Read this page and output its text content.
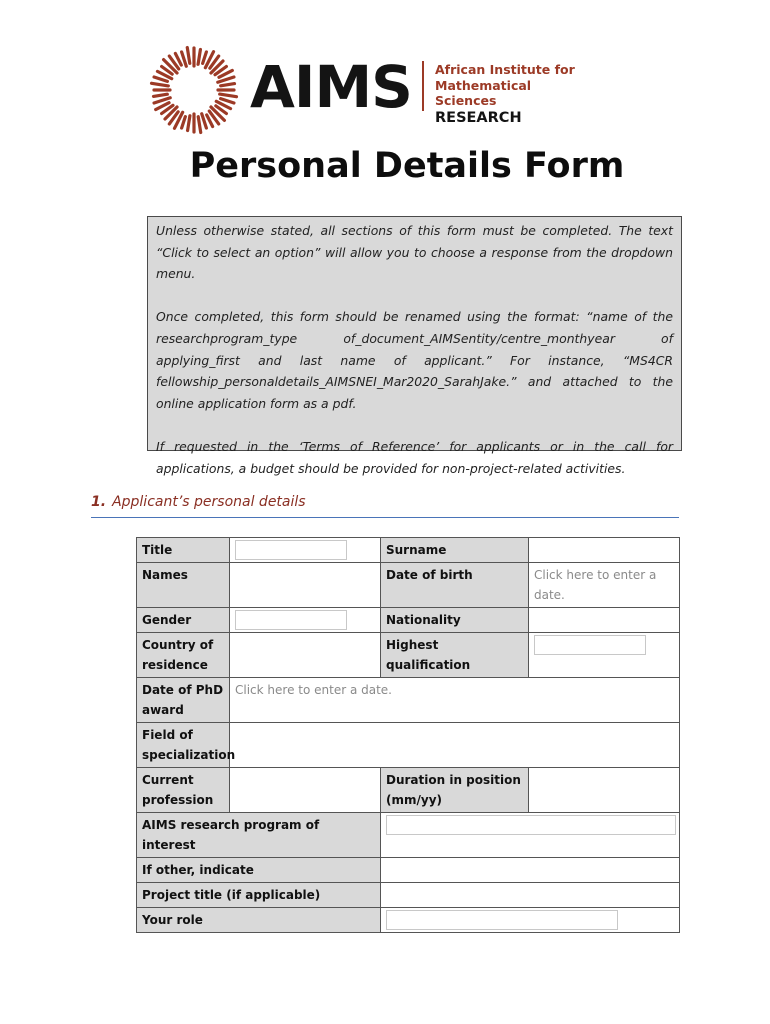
AIMS African Institute for
Mathematical Sciences
RESEARCH
Personal Details Form

Unless otherwise stated, all sections of this form must be completed. The text “Click to select an option” will allow you to choose a response from the dropdown menu.

Once completed, this form should be renamed using the format: “name of the researchprogram_type of_document_AIMSentity/centre_monthyear of applying_first and last name of applicant.” For instance, “MS4CR fellowship_personaldetails_AIMSNEI_Mar2020_SarahJake.” and attached to the online application form as a pdf.

If requested in the ‘Terms of Reference’ for applicants or in the call for applications, a budget should be provided for non-project-related activities.

1. Applicant’s personal details
Title		Surname	
Names		Date of birth	Click here to enter a date.
Gender		Nationality	
Country of residence		Highest qualification	

Date of PhD award	Click here to enter a date.		
Field of specialization			
Current profession		Duration in position (mm/yy)	
AIMS research program of interest			

If other, indicate			
Project title (if applicable)			
Your role			
